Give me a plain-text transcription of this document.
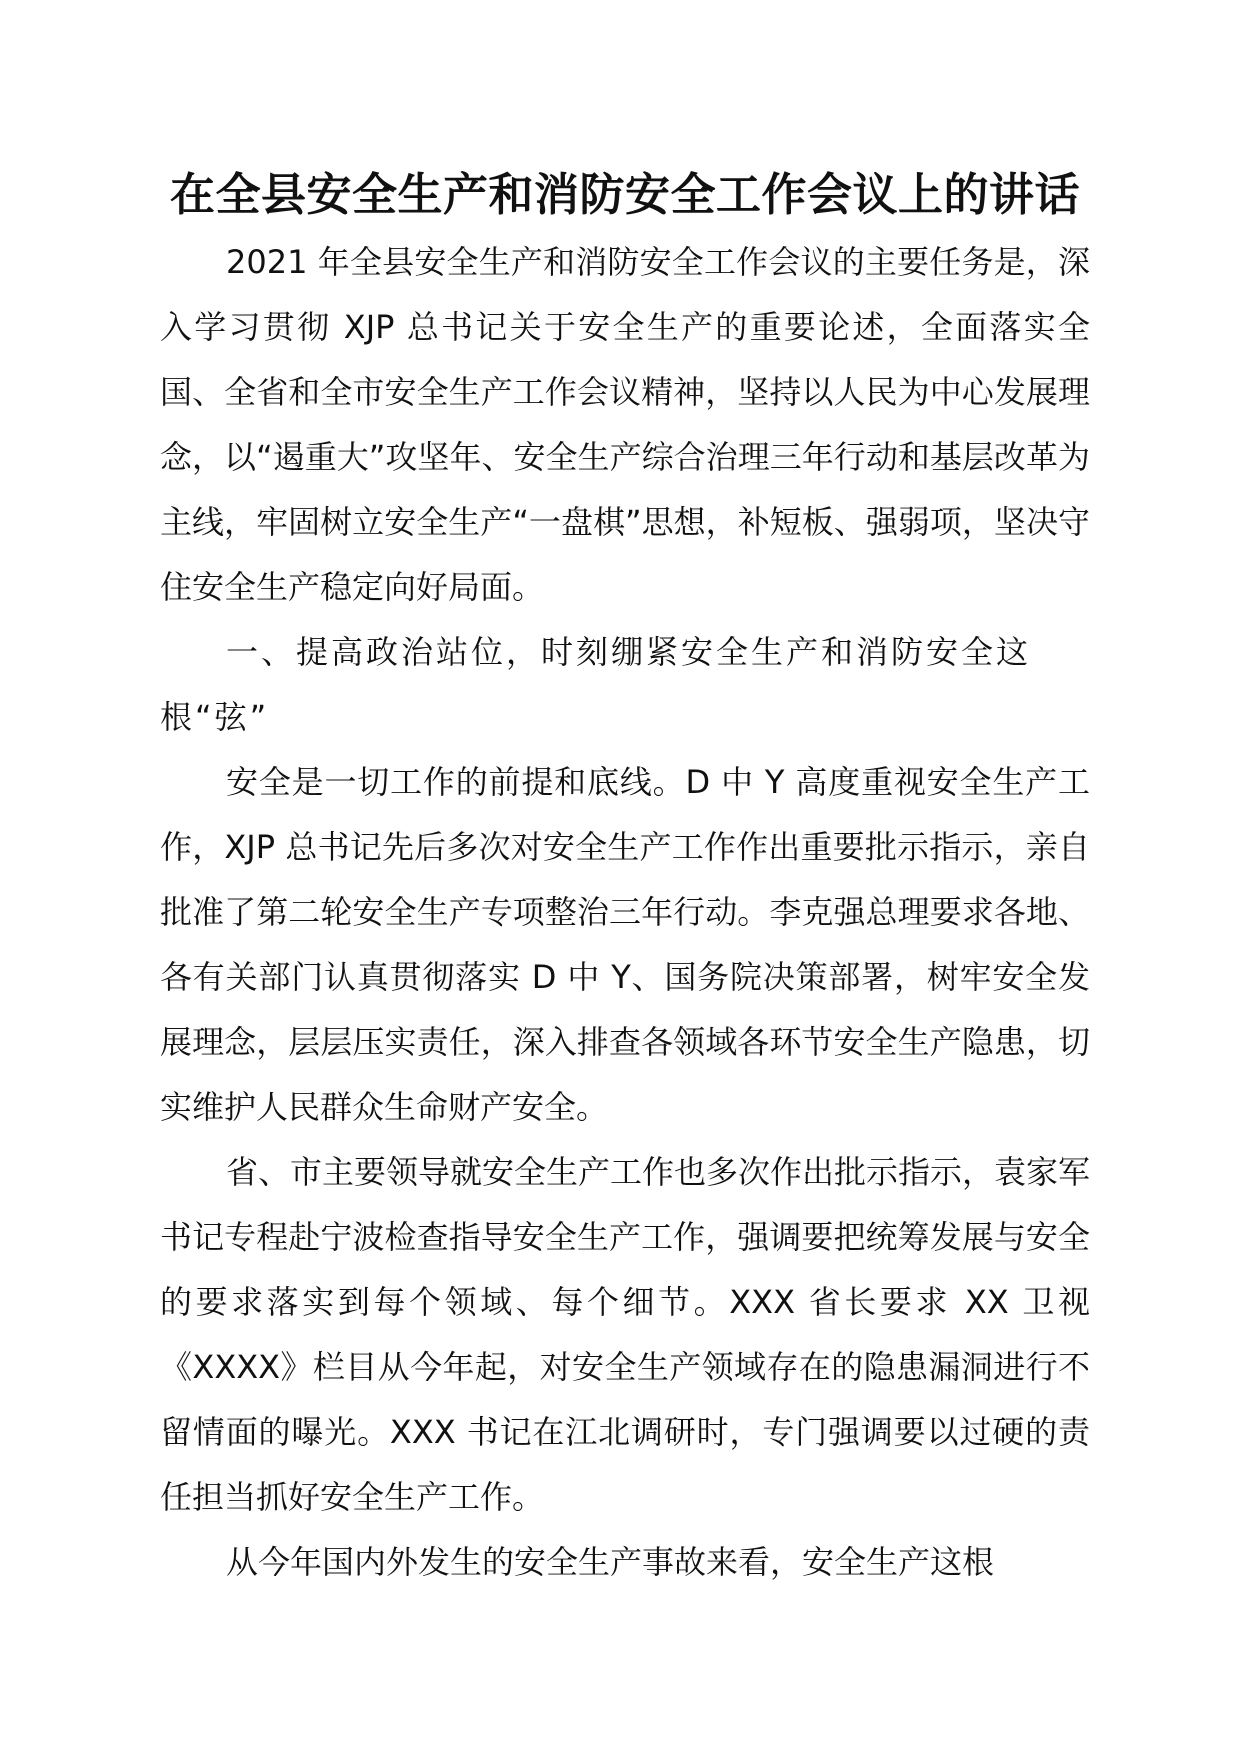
在全县安全生产和消防安全工作会议上的讲话

2021 年全县安全生产和消防安全工作会议的主要任务是，深入学习贯彻 XJP 总书记关于安全生产的重要论述，全面落实全国、全省和全市安全生产工作会议精神，坚持以人民为中心发展理念，以“遏重大”攻坚年、安全生产综合治理三年行动和基层改革为主线，牢固树立安全生产“一盘棋”思想，补短板、强弱项，坚决守住安全生产稳定向好局面。

一、提高政治站位，时刻绷紧安全生产和消防安全这根“弦”

安全是一切工作的前提和底线。D 中 Y 高度重视安全生产工作，XJP 总书记先后多次对安全生产工作作出重要批示指示，亲自批准了第二轮安全生产专项整治三年行动。李克强总理要求各地、各有关部门认真贯彻落实 D 中 Y、国务院决策部署，树牢安全发展理念，层层压实责任，深入排查各领域各环节安全生产隐患，切实维护人民群众生命财产安全。

省、市主要领导就安全生产工作也多次作出批示指示，袁家军书记专程赴宁波检查指导安全生产工作，强调要把统筹发展与安全的要求落实到每个领域、每个细节。XXX 省长要求 XX 卫视《XXXX》栏目从今年起，对安全生产领域存在的隐患漏洞进行不留情面的曝光。XXX 书记在江北调研时，专门强调要以过硬的责任担当抓好安全生产工作。

从今年国内外发生的安全生产事故来看，安全生产这根
